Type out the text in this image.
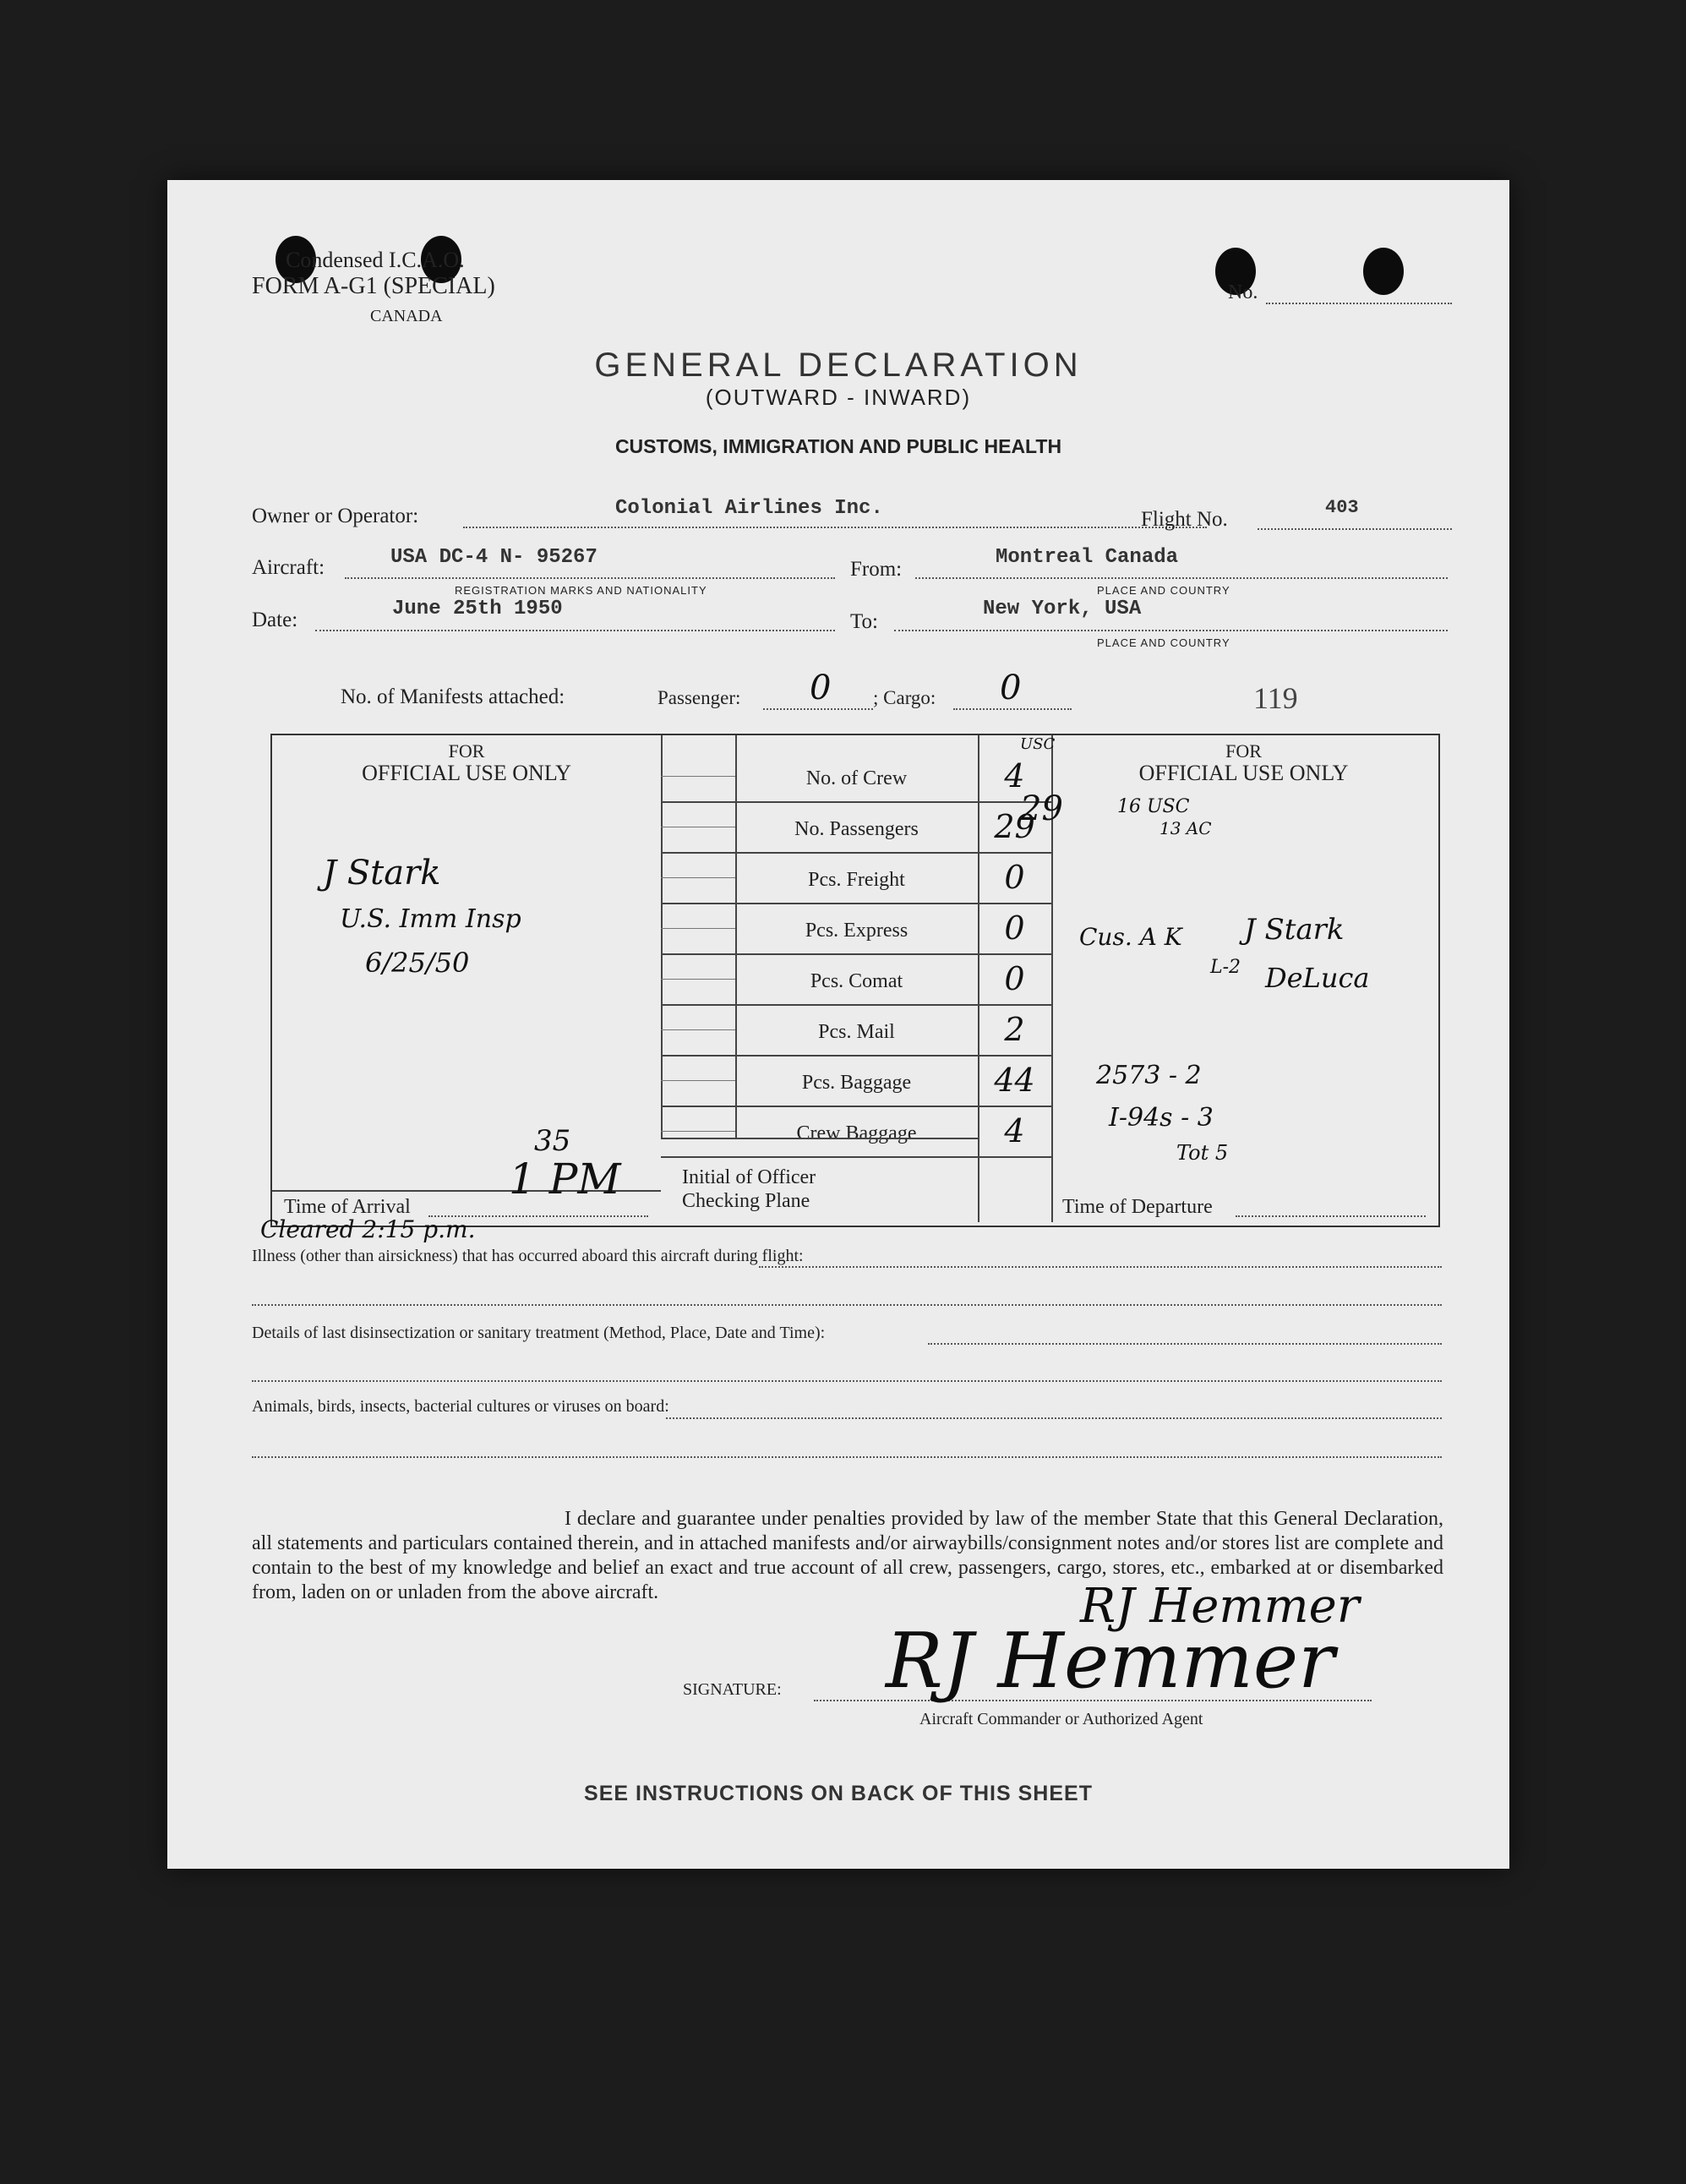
Condensed I.C.A.O.
FORM A-G1 (SPECIAL)
CANADA
No.
GENERAL DECLARATION
(OUTWARD - INWARD)
CUSTOMS, IMMIGRATION AND PUBLIC HEALTH
Owner or Operator:	Colonial Airlines Inc.	Flight No.
403
Aircraft:	USA DC-4 N- 95267
REGISTRATION MARKS AND NATIONALITY
From:
Montreal Canada
PLACE AND COUNTRY
Date:	June 25th 1950
To:
New York, USA
PLACE AND COUNTRY
No. of Manifests attached:	Passenger: 0 ; Cargo: 0	119
FOR
OFFICIAL USE ONLY
FOR
OFFICIAL USE ONLY
No. of Crew	4
No. Passengers	29
Pcs. Freight	0
Pcs. Express	0
Pcs. Comat	0
Pcs. Mail	2
Pcs. Baggage	44
Crew Baggage	4
Time of Arrival
1 PM
35
Initial of Officer
Checking Plane	Time of Departure
J Stark
U.S. Imm Insp
6/25/50
USC
16 USC
13 AC
29
Cus. A K J Stark
L-2 DeLuca
2573 - 2
I-94s - 3
Tot 5
Cleared 2:15 p.m.
Illness (other than airsickness) that has occurred aboard this aircraft during flight:
Details of last disinsectization or sanitary treatment (Method, Place, Date and Time):
Animals, birds, insects, bacterial cultures or viruses on board:
I declare and guarantee under penalties provided by law of the member State that this General Declaration, all statements and particulars contained therein, and in attached manifests and/or airwaybills/consignment notes and/or stores list are complete and contain to the best of my knowledge and belief an exact and true account of all crew, passengers, cargo, stores, etc., embarked at or disembarked from, laden on or unladen from the above aircraft.
SIGNATURE: RJ Hemmer
RJ Hemmer
Aircraft Commander or Authorized Agent
SEE INSTRUCTIONS ON BACK OF THIS SHEET
